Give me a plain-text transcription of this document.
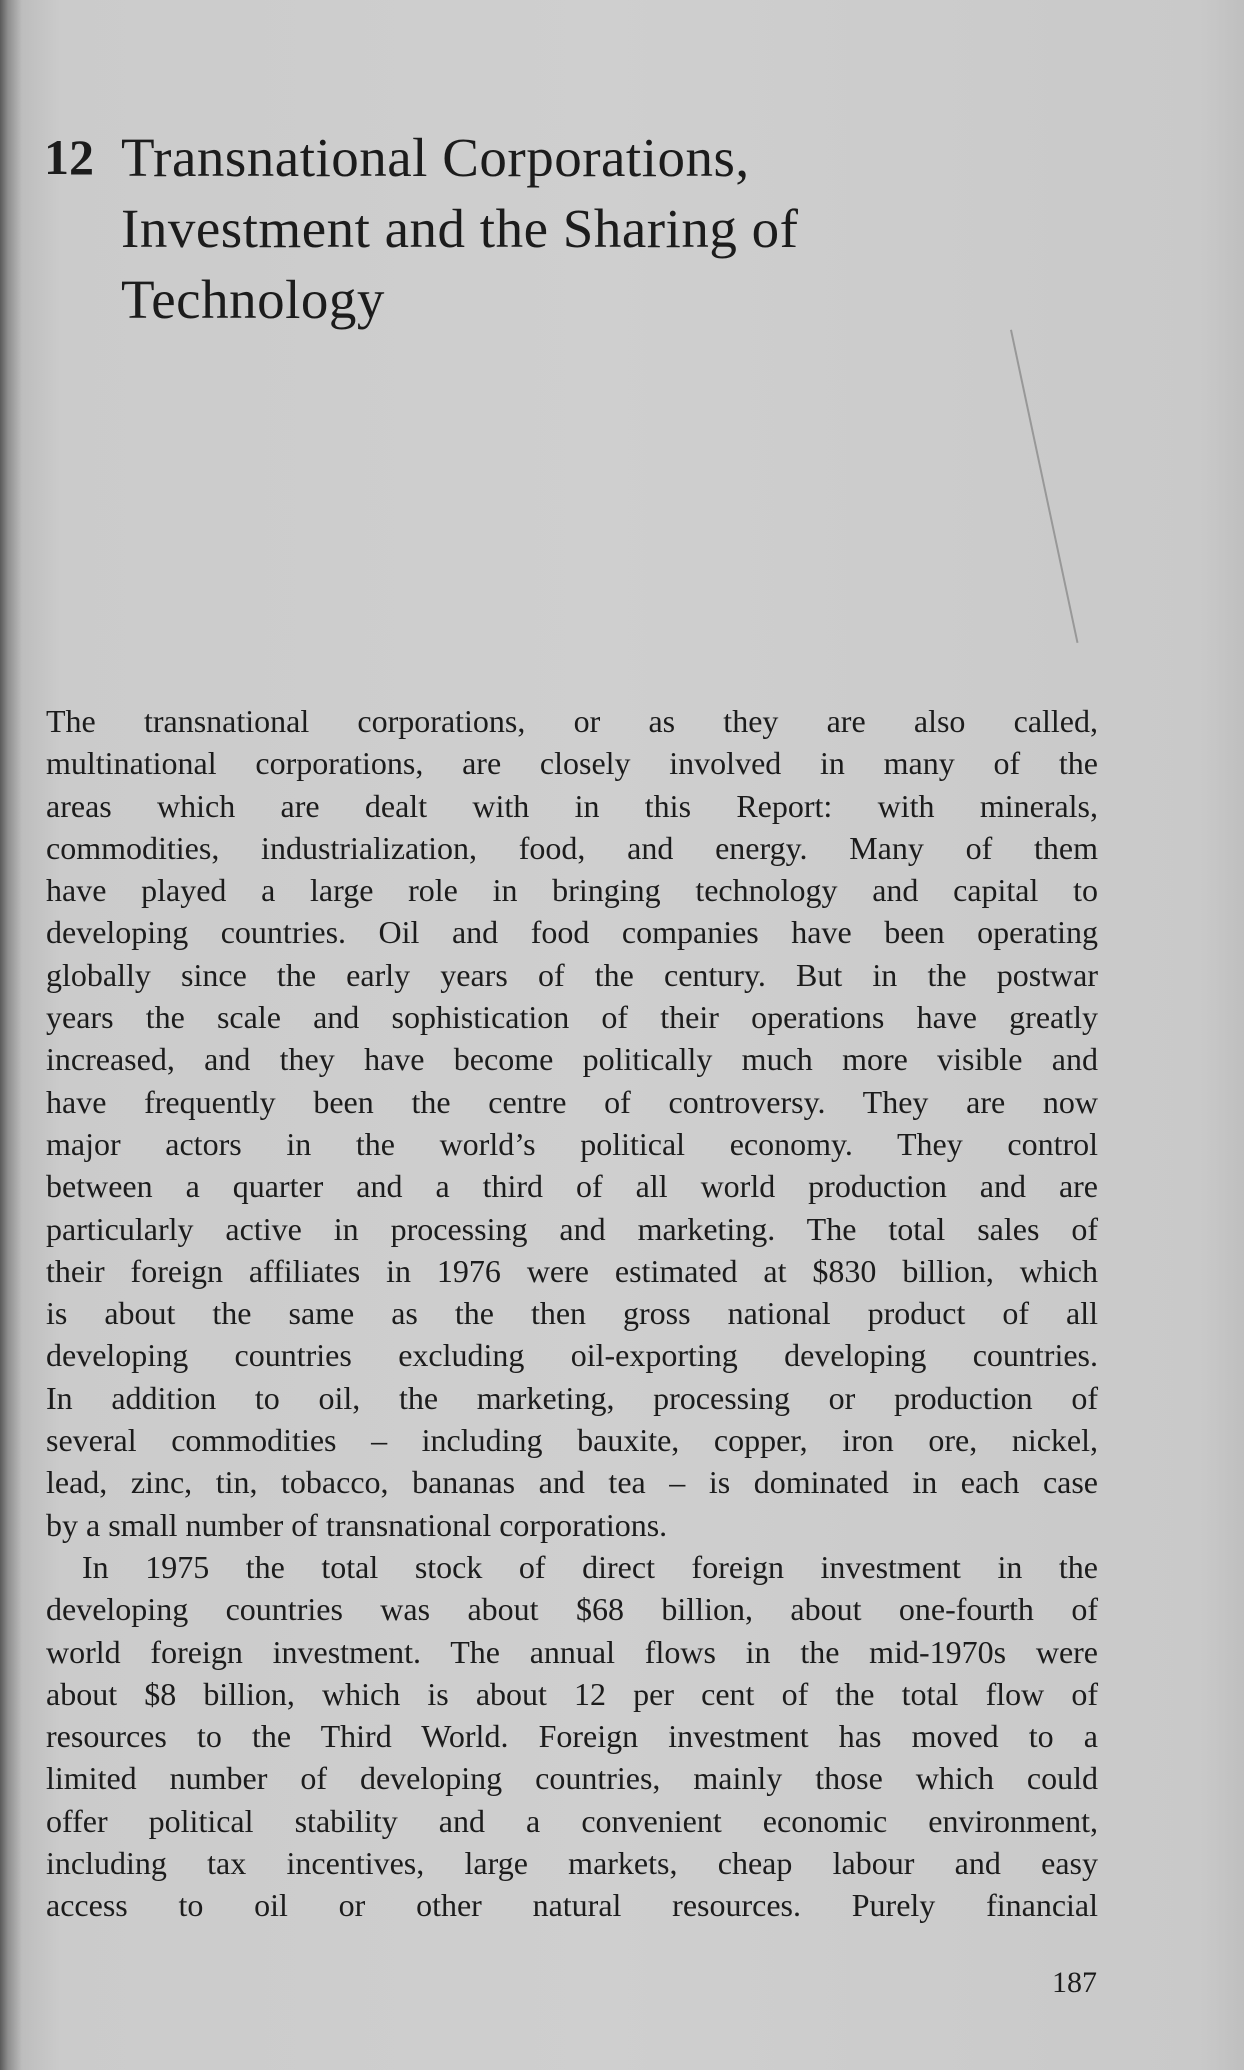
12 Transnational Corporations,
Investment and the Sharing of
Technology
The transnational corporations, or as they are also called,
multinational corporations, are closely involved in many of the
areas which are dealt with in this Report: with minerals,
commodities, industrialization, food, and energy. Many of them
have played a large role in bringing technology and capital to
developing countries. Oil and food companies have been operating
globally since the early years of the century. But in the postwar
years the scale and sophistication of their operations have greatly
increased, and they have become politically much more visible and
have frequently been the centre of controversy. They are now
major actors in the world’s political economy. They control
between a quarter and a third of all world production and are
particularly active in processing and marketing. The total sales of
their foreign affiliates in 1976 were estimated at $830 billion, which
is about the same as the then gross national product of all
developing countries excluding oil-exporting developing countries.
In addition to oil, the marketing, processing or production of
several commodities – including bauxite, copper, iron ore, nickel,
lead, zinc, tin, tobacco, bananas and tea – is dominated in each case
by a small number of transnational corporations.
In 1975 the total stock of direct foreign investment in the
developing countries was about $68 billion, about one-fourth of
world foreign investment. The annual flows in the mid-1970s were
about $8 billion, which is about 12 per cent of the total flow of
resources to the Third World. Foreign investment has moved to a
limited number of developing countries, mainly those which could
offer political stability and a convenient economic environment,
including tax incentives, large markets, cheap labour and easy
access to oil or other natural resources. Purely financial
187
